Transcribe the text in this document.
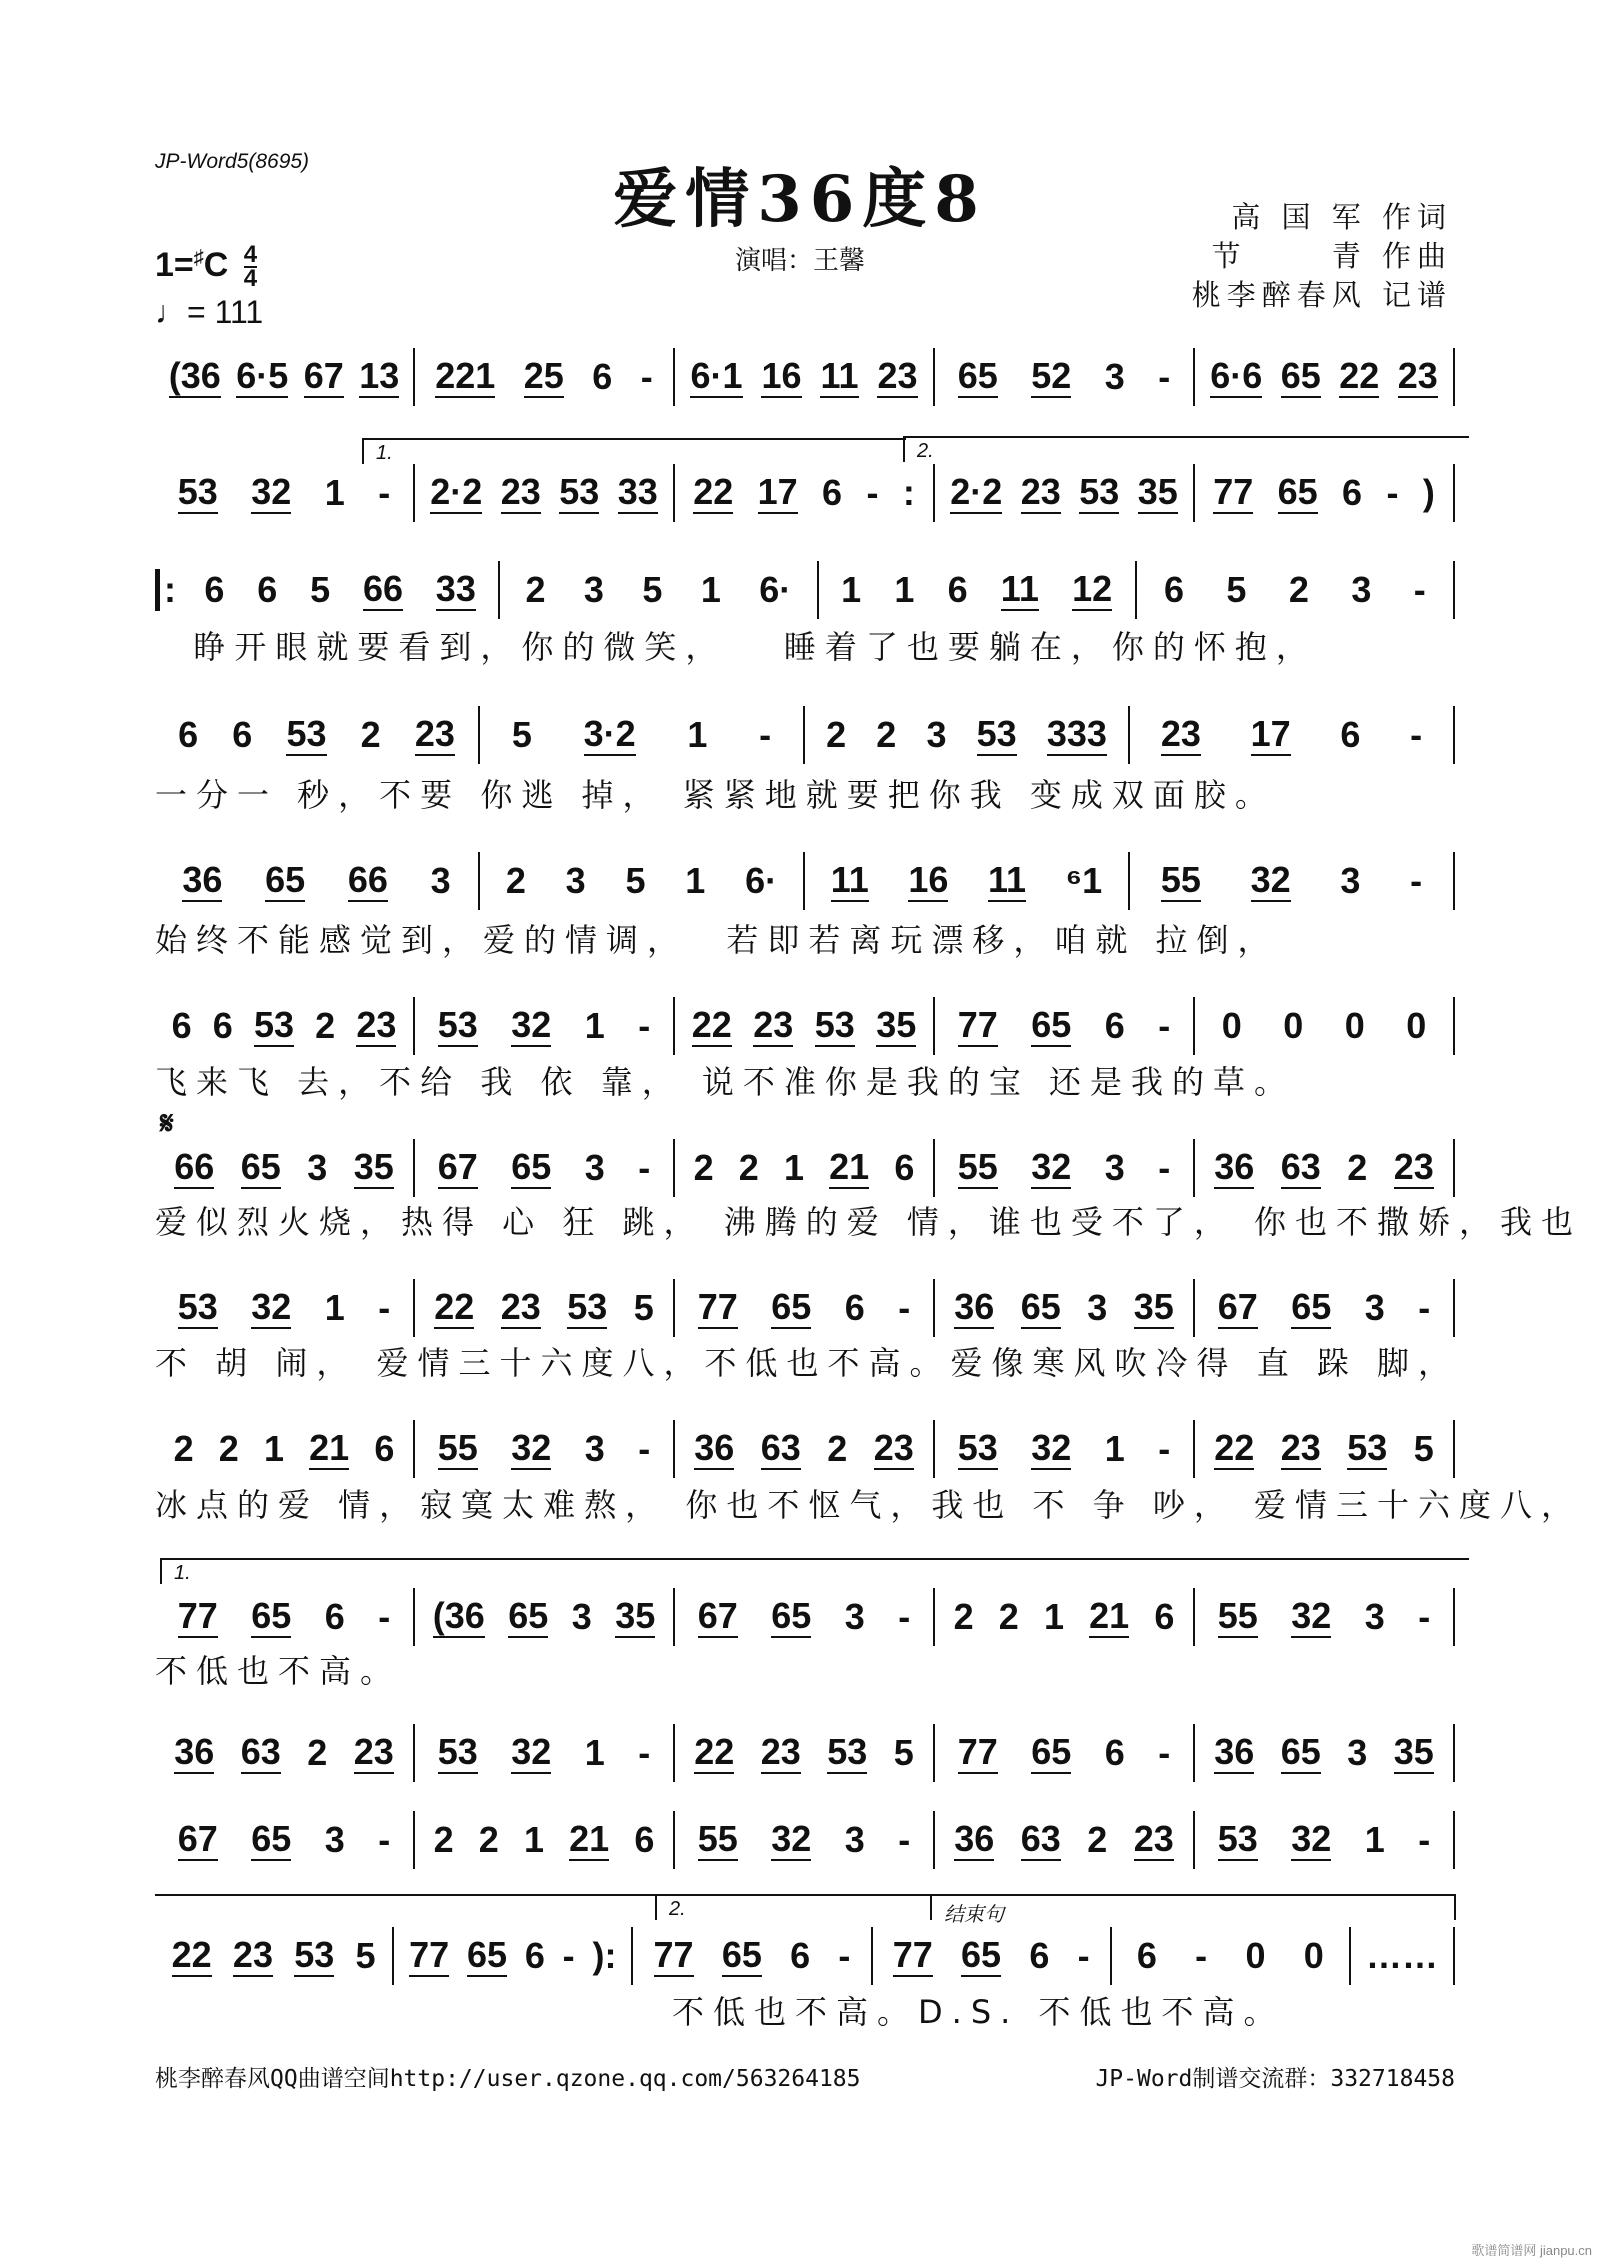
JP-Word5(8695)
爱情36度8
演唱：王馨
高 国 军 作词
节　　 青 作曲
桃李醉春风 记谱
$1=^♯C \frac{4}{4}$
♩= 111
𝄋
1.	2.
1.
2.	结束句
(36 6·5 67 13 221 25 6 - 6·1 16 11 23 65 52 3 - 6·6 65 22 23
53 32 1 - 2·2 23 53 33 22 17 6 - : 2·2 23 53 35 77 65 6 - )
: 6 6 5 66 33 2 3 5 1 6· 1 1 6 11 12 6 5 2 3 -
睁开眼就要看到，你的微笑，   睡着了也要躺在，你的怀抱，
6 6 53 2 23 5 3·2 1 - 2 2 3 53 333 23 17 6 -
一分一 秒，不要 你逃 掉， 紧紧地就要把你我 变成双面胶。
36 65 66 3 2 3 5 1 6· 11 16 11 ⁶1 55 32 3 -
始终不能感觉到，爱的情调，  若即若离玩漂移，咱就 拉倒，
6 6 53 2 23 53 32 1 - 22 23 53 35 77 65 6 - 0 0 0 0
飞来飞 去，不给 我 依 靠， 说不准你是我的宝 还是我的草。
66 65 3 35 67 65 3 - 2 2 1 21 6 55 32 3 - 36 63 2 23
爱似烈火烧，热得 心 狂 跳， 沸腾的爱 情，谁也受不了， 你也不撒娇，我也
53 32 1 - 22 23 53 5 77 65 6 - 36 65 3 35 67 65 3 -
不 胡 闹， 爱情三十六度八，不低也不高。爱像寒风吹冷得 直 跺 脚，
2 2 1 21 6 55 32 3 - 36 63 2 23 53 32 1 - 22 23 53 5
冰点的爱 情，寂寞太难熬， 你也不怄气，我也 不 争 吵， 爱情三十六度八，
77 65 6 - (36 65 3 35 67 65 3 - 2 2 1 21 6 55 32 3 -
不低也不高。
36 63 2 23 53 32 1 - 22 23 53 5 77 65 6 - 36 65 3 35
67 65 3 - 2 2 1 21 6 55 32 3 - 36 63 2 23 53 32 1 -
22 23 53 5 77 65 6 - ): 77 65 6 - 77 65 6 - 6 - 0 0 ……
不低也不高。D.S. 不低也不高。
桃李醉春风QQ曲谱空间http://user.qzone.qq.com/563264185	JP-Word制谱交流群：332718458
歌谱简谱网 jianpu.cn
